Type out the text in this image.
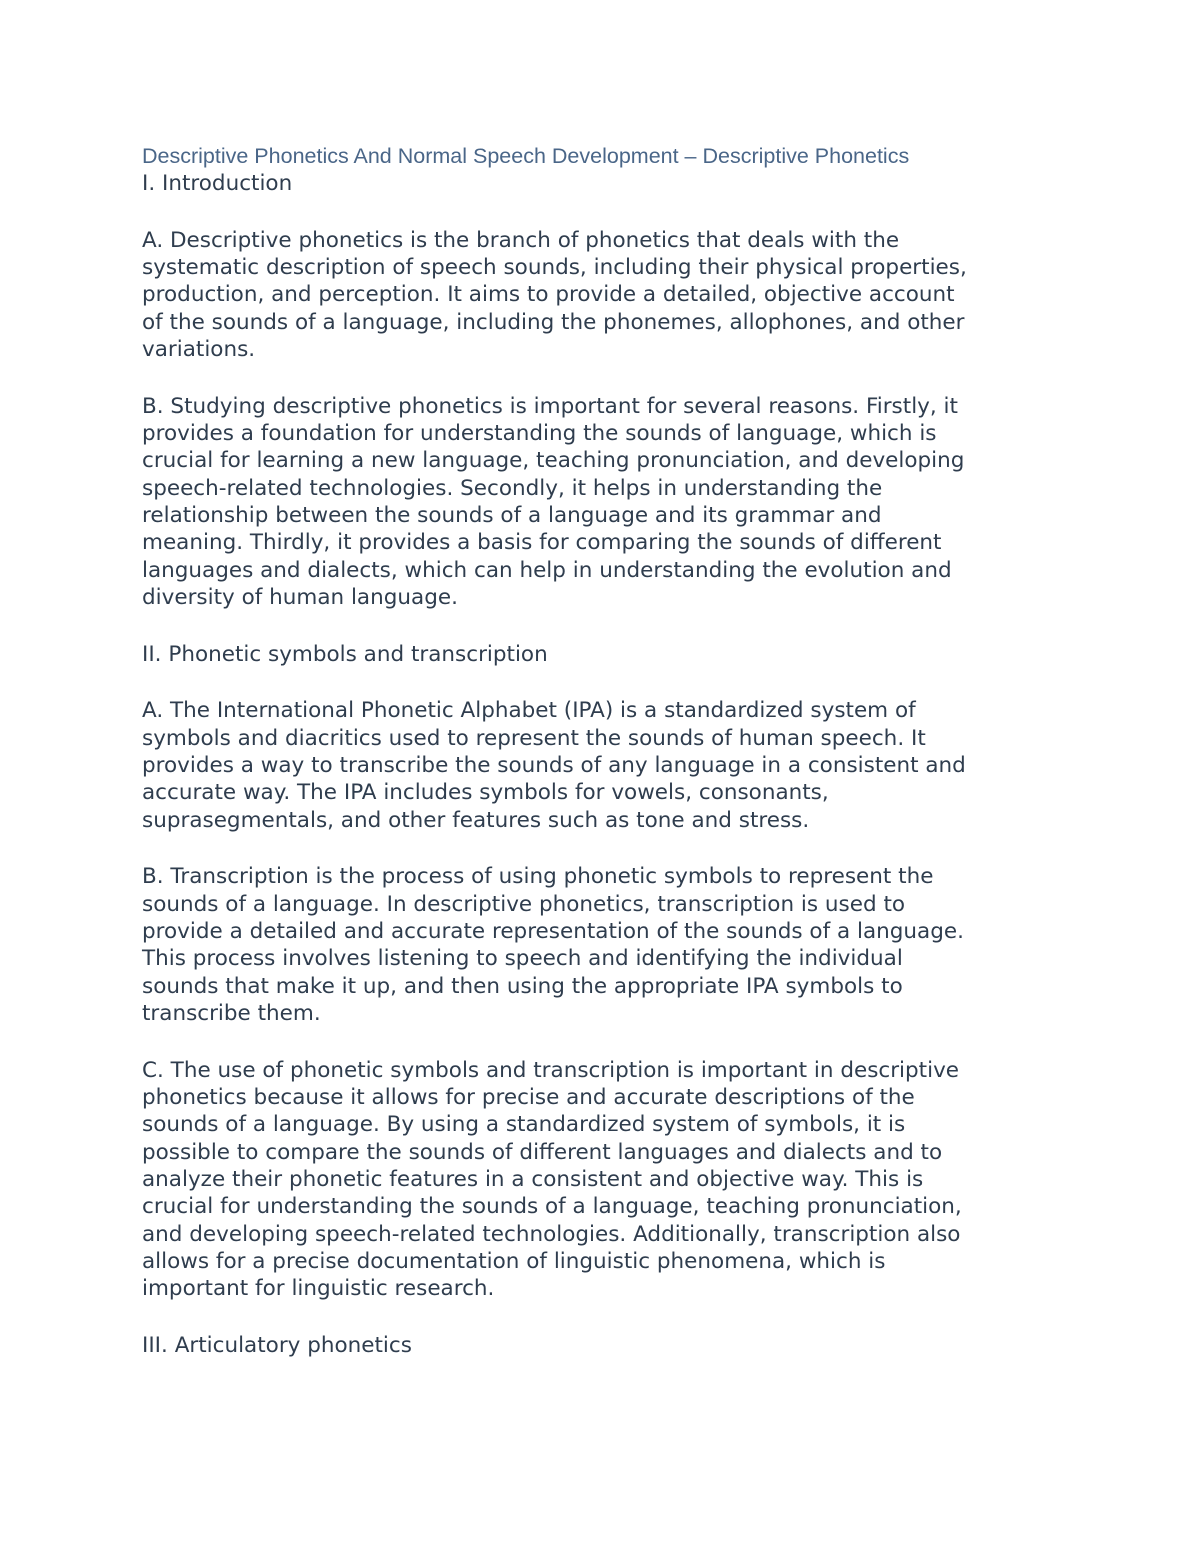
Descriptive Phonetics And Normal Speech Development – Descriptive Phonetics

I. Introduction

A. Descriptive phonetics is the branch of phonetics that deals with the

systematic description of speech sounds, including their physical properties,

production, and perception. It aims to provide a detailed, objective account

of the sounds of a language, including the phonemes, allophones, and other

variations.

B. Studying descriptive phonetics is important for several reasons. Firstly, it

provides a foundation for understanding the sounds of language, which is

crucial for learning a new language, teaching pronunciation, and developing

speech-related technologies. Secondly, it helps in understanding the

relationship between the sounds of a language and its grammar and

meaning. Thirdly, it provides a basis for comparing the sounds of different

languages and dialects, which can help in understanding the evolution and

diversity of human language.

II. Phonetic symbols and transcription

A. The International Phonetic Alphabet (IPA) is a standardized system of

symbols and diacritics used to represent the sounds of human speech. It

provides a way to transcribe the sounds of any language in a consistent and

accurate way. The IPA includes symbols for vowels, consonants,

suprasegmentals, and other features such as tone and stress.

B. Transcription is the process of using phonetic symbols to represent the

sounds of a language. In descriptive phonetics, transcription is used to

provide a detailed and accurate representation of the sounds of a language.

This process involves listening to speech and identifying the individual

sounds that make it up, and then using the appropriate IPA symbols to

transcribe them.

C. The use of phonetic symbols and transcription is important in descriptive

phonetics because it allows for precise and accurate descriptions of the

sounds of a language. By using a standardized system of symbols, it is

possible to compare the sounds of different languages and dialects and to

analyze their phonetic features in a consistent and objective way. This is

crucial for understanding the sounds of a language, teaching pronunciation,

and developing speech-related technologies. Additionally, transcription also

allows for a precise documentation of linguistic phenomena, which is

important for linguistic research.

III. Articulatory phonetics
